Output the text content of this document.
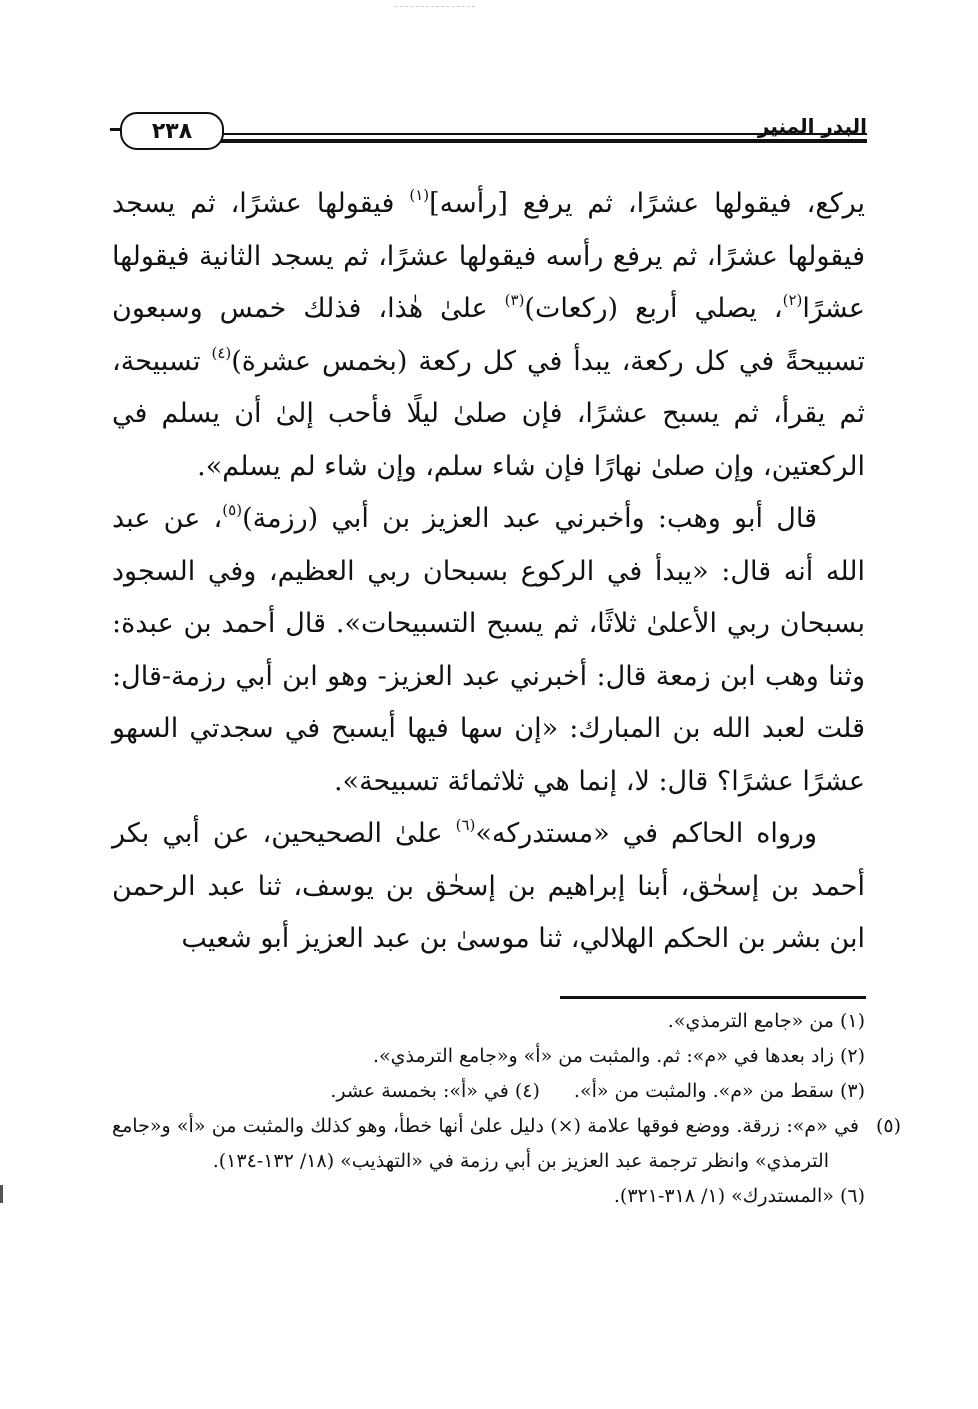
٢٣٨	البدر المنير

يركع، فيقولها عشرًا، ثم يرفع [رأسه]$^{(١)}$ فيقولها عشرًا، ثم يسجد فيقولها عشرًا، ثم يرفع رأسه فيقولها عشرًا، ثم يسجد الثانية فيقولها عشرًا$^{(٢)}$، يصلي أربع (ركعات)$^{(٣)}$ علىٰ هٰذا، فذلك خمس وسبعون تسبيحةً في كل ركعة، يبدأ في كل ركعة (بخمس عشرة)$^{(٤)}$ تسبيحة، ثم يقرأ، ثم يسبح عشرًا، فإن صلىٰ ليلًا فأحب إلىٰ أن يسلم في الركعتين، وإن صلىٰ نهارًا فإن شاء سلم، وإن شاء لم يسلم».

قال أبو وهب: وأخبرني عبد العزيز بن أبي (رزمة)$^{(٥)}$، عن عبد الله أنه قال: «يبدأ في الركوع بسبحان ربي العظيم، وفي السجود بسبحان ربي الأعلىٰ ثلاثًا، ثم يسبح التسبيحات». قال أحمد بن عبدة: وثنا وهب ابن زمعة قال: أخبرني عبد العزيز- وهو ابن أبي رزمة-قال: قلت لعبد الله بن المبارك: «إن سها فيها أيسبح في سجدتي السهو عشرًا عشرًا؟ قال: لا، إنما هي ثلاثمائة تسبيحة».

ورواه الحاكم في «مستدركه»$^{(٦)}$ علىٰ الصحيحين، عن أبي بكر أحمد بن إسحٰق، أبنا إبراهيم بن إسحٰق بن يوسف، ثنا عبد الرحمن ابن بشر بن الحكم الهلالي، ثنا موسىٰ بن عبد العزيز أبو شعيب

(١)من «جامع الترمذي».

(٢)زاد بعدها في «م»: ثم. والمثبت من «أ» و«جامع الترمذي».

(٣)سقط من «م». والمثبت من «أ».(٤)في «أ»: بخمسة عشر.

(٥)في «م»: زرقة. ووضع فوقها علامة (×) دليل علىٰ أنها خطأ، وهو كذلك والمثبت من «أ» و«جامع الترمذي» وانظر ترجمة عبد العزيز بن أبي رزمة في «التهذيب» (١٨/ ١٣٢-١٣٤).

(٦)«المستدرك» (١/ ٣١٨-٣٢١).
